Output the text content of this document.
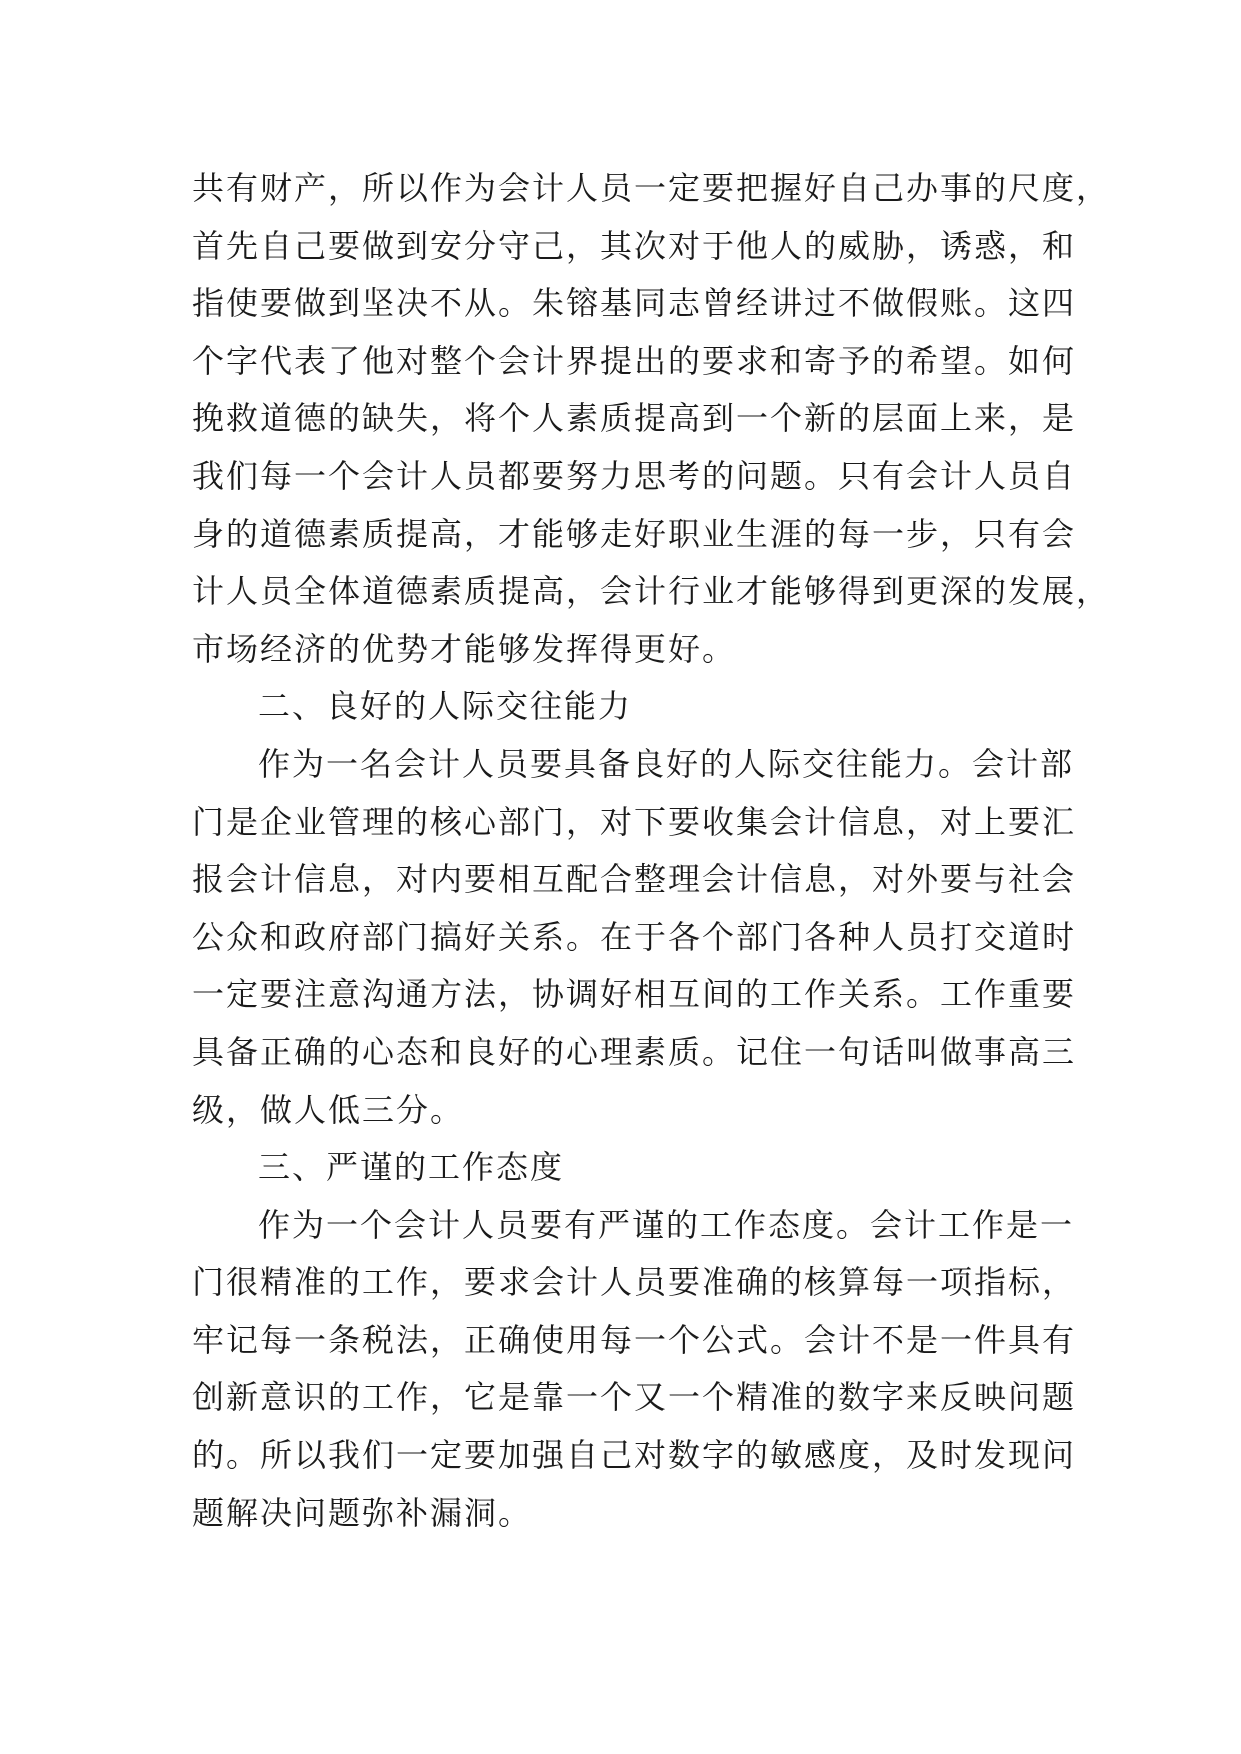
共有财产，所以作为会计人员一定要把握好自己办事的尺度，
首先自己要做到安分守己，其次对于他人的威胁，诱惑，和
指使要做到坚决不从。朱镕基同志曾经讲过不做假账。这四
个字代表了他对整个会计界提出的要求和寄予的希望。如何
挽救道德的缺失，将个人素质提高到一个新的层面上来，是
我们每一个会计人员都要努力思考的问题。只有会计人员自
身的道德素质提高，才能够走好职业生涯的每一步，只有会
计人员全体道德素质提高，会计行业才能够得到更深的发展，
市场经济的优势才能够发挥得更好。
二、良好的人际交往能力
作为一名会计人员要具备良好的人际交往能力。会计部
门是企业管理的核心部门，对下要收集会计信息，对上要汇
报会计信息，对内要相互配合整理会计信息，对外要与社会
公众和政府部门搞好关系。在于各个部门各种人员打交道时
一定要注意沟通方法，协调好相互间的工作关系。工作重要
具备正确的心态和良好的心理素质。记住一句话叫做事高三
级，做人低三分。
三、严谨的工作态度
作为一个会计人员要有严谨的工作态度。会计工作是一
门很精准的工作，要求会计人员要准确的核算每一项指标，
牢记每一条税法，正确使用每一个公式。会计不是一件具有
创新意识的工作，它是靠一个又一个精准的数字来反映问题
的。所以我们一定要加强自己对数字的敏感度，及时发现问
题解决问题弥补漏洞。
